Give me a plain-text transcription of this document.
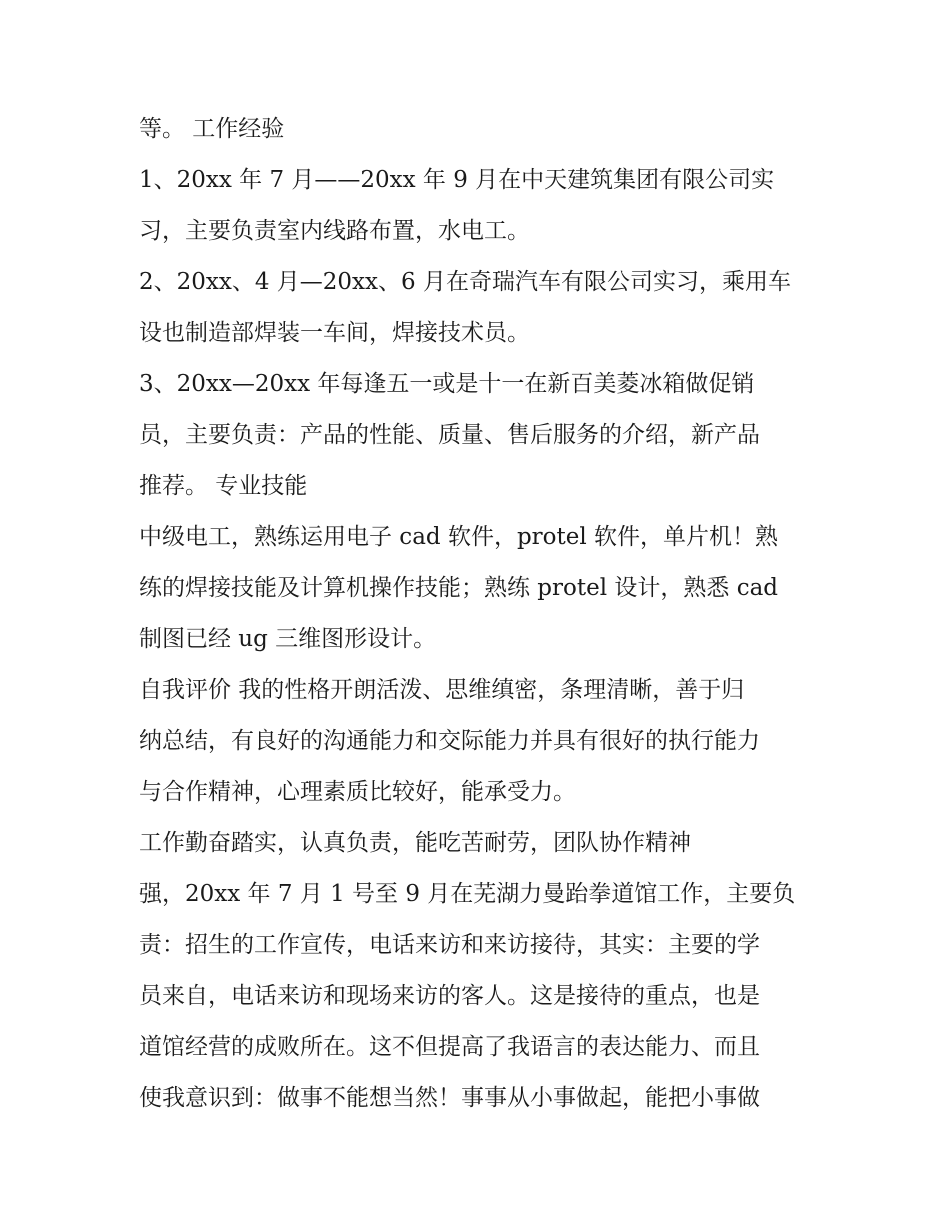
等。 工作经验
1、20xx 年 7 月——20xx 年 9 月在中天建筑集团有限公司实
习，主要负责室内线路布置，水电工。
2、20xx、4 月—20xx、6 月在奇瑞汽车有限公司实习，乘用车
设也制造部焊装一车间，焊接技术员。
3、20xx—20xx 年每逢五一或是十一在新百美菱冰箱做促销
员，主要负责：产品的性能、质量、售后服务的介绍，新产品
推荐。 专业技能
中级电工，熟练运用电子 cad 软件，protel 软件，单片机！熟
练的焊接技能及计算机操作技能；熟练 protel 设计，熟悉 cad
制图已经 ug 三维图形设计。
自我评价 我的性格开朗活泼、思维缜密，条理清晰，善于归
纳总结，有良好的沟通能力和交际能力并具有很好的执行能力
与合作精神，心理素质比较好，能承受力。
工作勤奋踏实，认真负责，能吃苦耐劳，团队协作精神
强，20xx 年 7 月 1 号至 9 月在芜湖力曼跆拳道馆工作，主要负
责：招生的工作宣传，电话来访和来访接待，其实：主要的学
员来自，电话来访和现场来访的客人。这是接待的重点，也是
道馆经营的成败所在。这不但提高了我语言的表达能力、而且
使我意识到：做事不能想当然！事事从小事做起，能把小事做
